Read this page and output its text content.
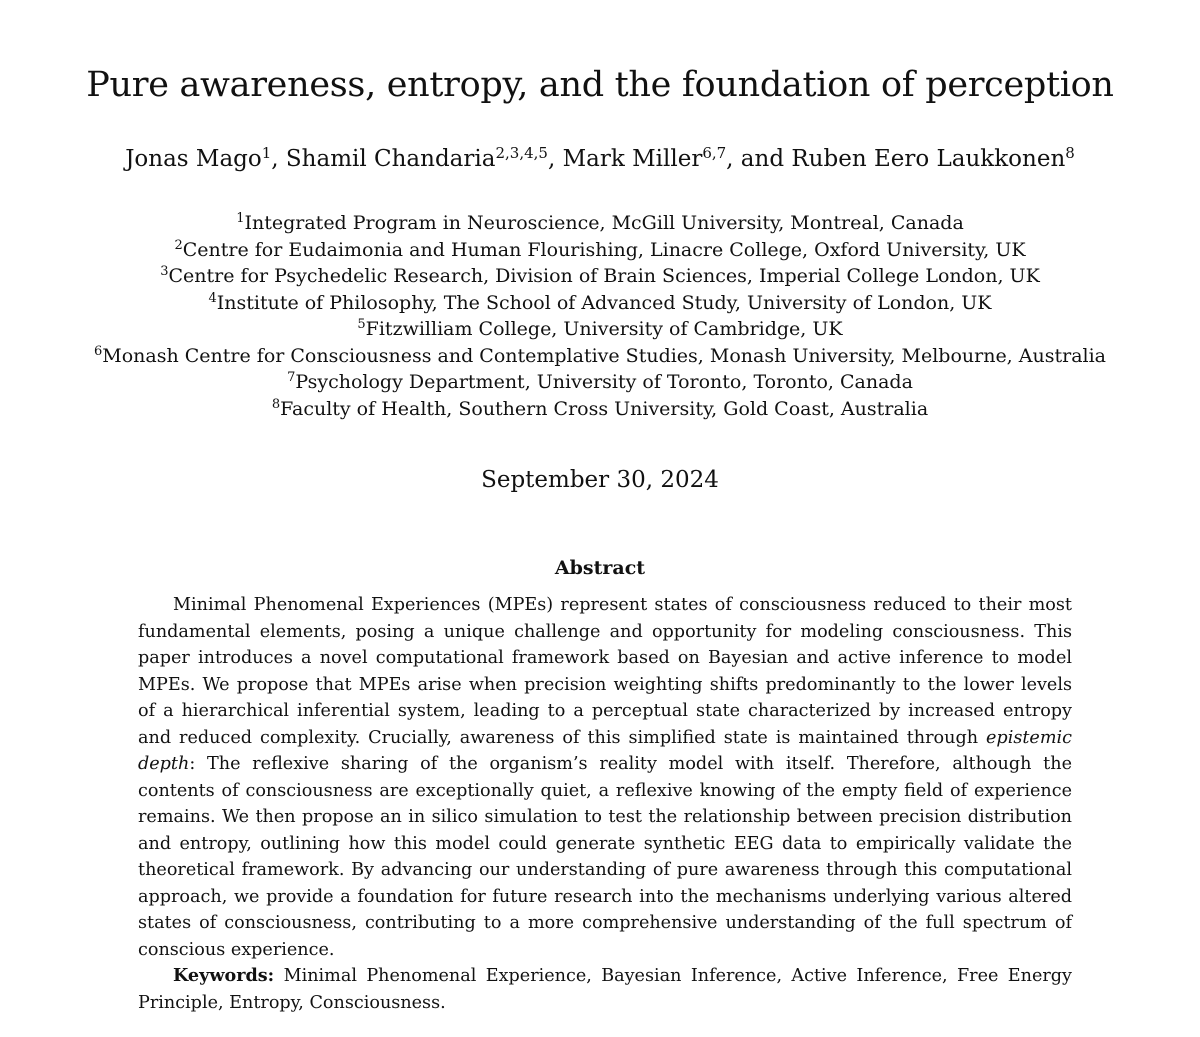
Pure awareness, entropy, and the foundation of perception
Jonas Mago$^1$, Shamil Chandaria$^{2,3,4,5}$, Mark Miller$^{6,7}$, and Ruben Eero Laukkonen$^8$
$^1$Integrated Program in Neuroscience, McGill University, Montreal, Canada
$^2$Centre for Eudaimonia and Human Flourishing, Linacre College, Oxford University, UK
$^3$Centre for Psychedelic Research, Division of Brain Sciences, Imperial College London, UK
$^4$Institute of Philosophy, The School of Advanced Study, University of London, UK
$^5$Fitzwilliam College, University of Cambridge, UK
$^6$Monash Centre for Consciousness and Contemplative Studies, Monash University, Melbourne, Australia
$^7$Psychology Department, University of Toronto, Toronto, Canada
$^8$Faculty of Health, Southern Cross University, Gold Coast, Australia
September 30, 2024
Abstract

Minimal Phenomenal Experiences (MPEs) represent states of consciousness reduced to their most fundamental elements, posing a unique challenge and opportunity for modeling consciousness. This paper introduces a novel computational framework based on Bayesian and active inference to model MPEs. We propose that MPEs arise when precision weighting shifts predominantly to the lower levels of a hierarchical inferential system, leading to a perceptual state characterized by increased entropy and reduced complexity. Crucially, awareness of this simplified state is maintained through epistemic depth: The reflexive sharing of the organism’s reality model with itself. Therefore, although the contents of consciousness are exceptionally quiet, a reflexive knowing of the empty field of experience remains. We then propose an in silico simulation to test the relationship between precision distribution and entropy, outlining how this model could generate synthetic EEG data to empirically validate the theoretical framework. By advancing our understanding of pure awareness through this computational approach, we provide a foundation for future research into the mechanisms underlying various altered states of consciousness, contributing to a more comprehensive understanding of the full spectrum of conscious experience.

Keywords: Minimal Phenomenal Experience, Bayesian Inference, Active Inference, Free Energy Principle, Entropy, Consciousness.
